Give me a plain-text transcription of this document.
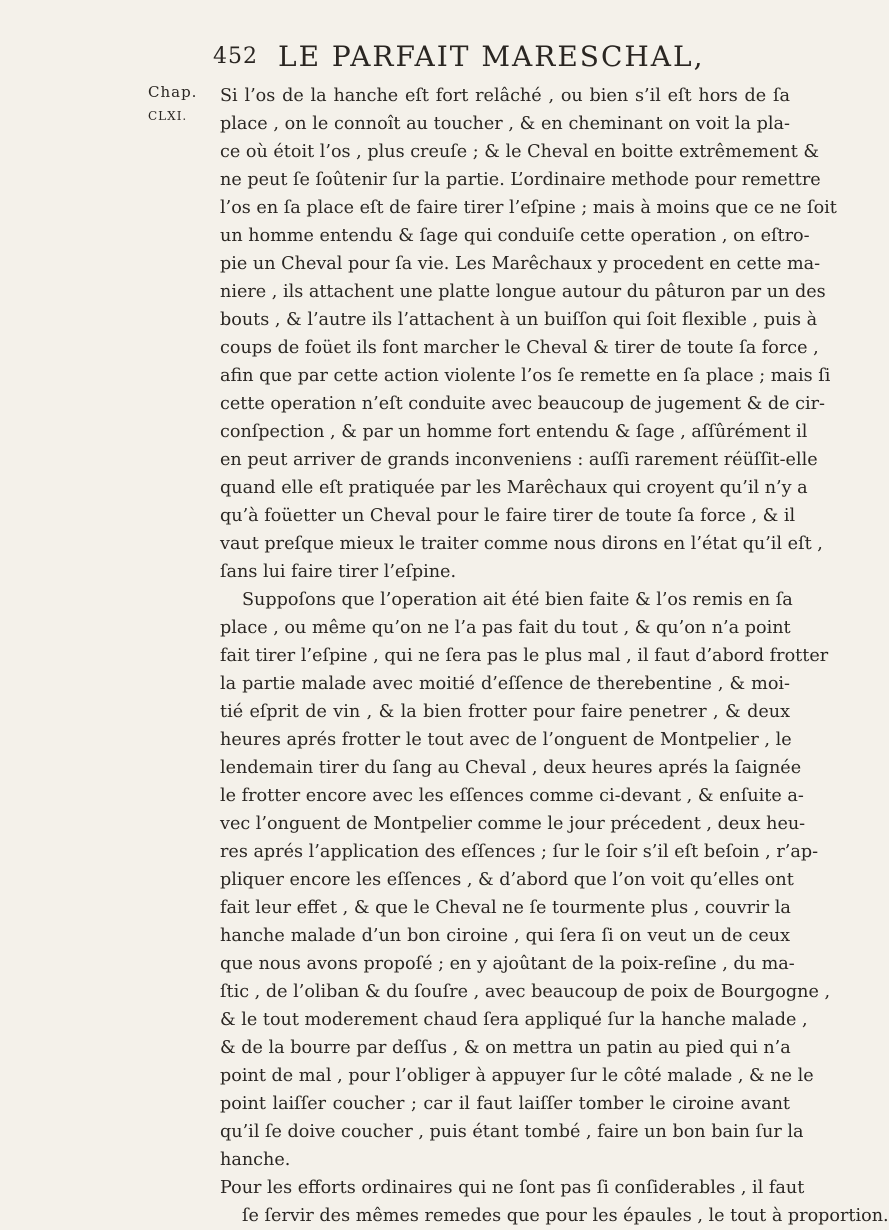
452 LE PARFAIT MARESCHAL,
Chap.
CLXI.
Si l’os de la hanche eſt fort relâché , ou bien s’il eſt hors de ſa
place , on le connoît au toucher , & en cheminant on voit la pla-
ce où étoit l’os , plus creuſe ; & le Cheval en boitte extrêmement &
ne peut ſe ſoûtenir ſur la partie. L’ordinaire methode pour remettre
l’os en ſa place eſt de faire tirer l’eſpine ; mais à moins que ce ne ſoit
un homme entendu & ſage qui conduiſe cette operation , on eſtro-
pie un Cheval pour ſa vie. Les Marêchaux y procedent en cette ma-
niere , ils attachent une platte longue autour du pâturon par un des
bouts , & l’autre ils l’attachent à un buiſſon qui ſoit flexible , puis à
coups de foüet ils font marcher le Cheval & tirer de toute ſa force ,
afin que par cette action violente l’os ſe remette en ſa place ; mais ſi
cette operation n’eſt conduite avec beaucoup de jugement & de cir-
conſpection , & par un homme fort entendu & ſage , aſſûrément il
en peut arriver de grands inconveniens : auſſi rarement réüſſit-elle
quand elle eſt pratiquée par les Marêchaux qui croyent qu’il n’y a
qu’à foüetter un Cheval pour le faire tirer de toute ſa force , & il
vaut preſque mieux le traiter comme nous dirons en l’état qu’il eſt ,
ſans lui faire tirer l’eſpine.
Suppoſons que l’operation ait été bien faite & l’os remis en ſa
place , ou même qu’on ne l’a pas fait du tout , & qu’on n’a point
fait tirer l’eſpine , qui ne ſera pas le plus mal , il faut d’abord frotter
la partie malade avec moitié d’eſſence de therebentine , & moi-
tié eſprit de vin , & la bien frotter pour faire penetrer , & deux
heures aprés frotter le tout avec de l’onguent de Montpelier , le
lendemain tirer du ſang au Cheval , deux heures aprés la ſaignée
le frotter encore avec les eſſences comme ci-devant , & enſuite a-
vec l’onguent de Montpelier comme le jour précedent , deux heu-
res aprés l’application des eſſences ; ſur le ſoir s’il eſt beſoin , r’ap-
pliquer encore les eſſences , & d’abord que l’on voit qu’elles ont
fait leur effet , & que le Cheval ne ſe tourmente plus , couvrir la
hanche malade d’un bon ciroine , qui ſera ſi on veut un de ceux
que nous avons propoſé ; en y ajoûtant de la poix-reſine , du ma-
ſtic , de l’oliban & du ſouſre , avec beaucoup de poix de Bourgogne ,
& le tout moderement chaud ſera appliqué ſur la hanche malade ,
& de la bourre par deſſus , & on mettra un patin au pied qui n’a
point de mal , pour l’obliger à appuyer ſur le côté malade , & ne le
point laiſſer coucher ; car il faut laiſſer tomber le ciroine avant
qu’il ſe doive coucher , puis étant tombé , faire un bon bain ſur la
hanche.
Pour les efforts ordinaires qui ne ſont pas ſi conſiderables , il faut
ſe ſervir des mêmes remedes que pour les épaules , le tout à proportion.
